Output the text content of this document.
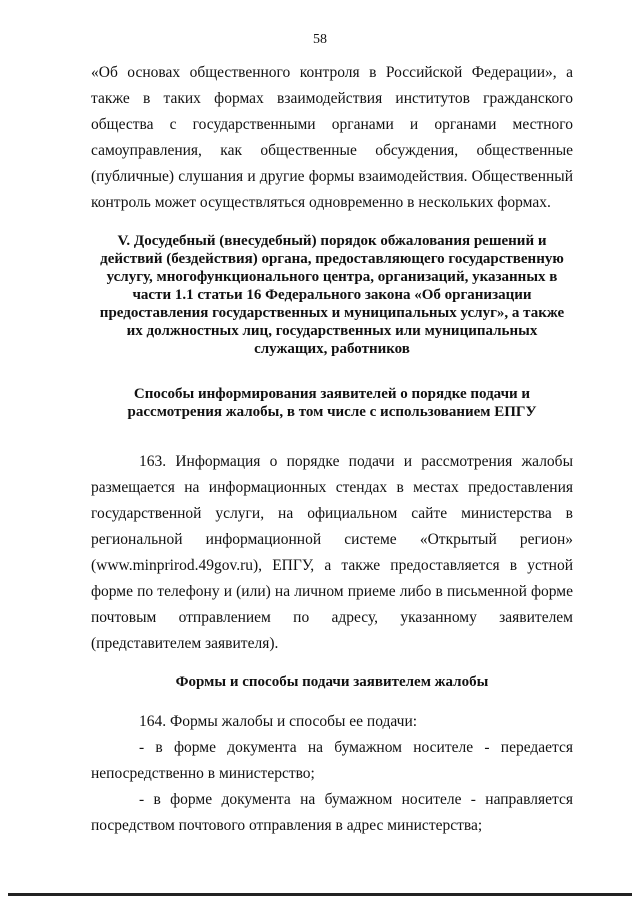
58

«Об основах общественного контроля в Российской Федерации», а также в таких формах взаимодействия институтов гражданского общества с государственными органами и органами местного самоуправления, как общественные обсуждения, общественные (публичные) слушания и другие формы взаимодействия. Общественный контроль может осуществляться одновременно в нескольких формах.

V. Досудебный (внесудебный) порядок обжалования решений и действий (бездействия) органа, предоставляющего государственную услугу, многофункционального центра, организаций, указанных в части 1.1 статьи 16 Федерального закона «Об организации предоставления государственных и муниципальных услуг», а также их должностных лиц, государственных или муниципальных служащих, работников

Способы информирования заявителей о порядке подачи и рассмотрения жалобы, в том числе с использованием ЕПГУ

163. Информация о порядке подачи и рассмотрения жалобы размещается на информационных стендах в местах предоставления государственной услуги, на официальном сайте министерства в региональной информационной системе «Открытый регион» (www.minprirod.49gov.ru), ЕПГУ, а также предоставляется в устной форме по телефону и (или) на личном приеме либо в письменной форме почтовым отправлением по адресу, указанному заявителем (представителем заявителя).

Формы и способы подачи заявителем жалобы

164. Формы жалобы и способы ее подачи:

- в форме документа на бумажном носителе - передается непосредственно в министерство;

- в форме документа на бумажном носителе - направляется посредством почтового отправления в адрес министерства;
